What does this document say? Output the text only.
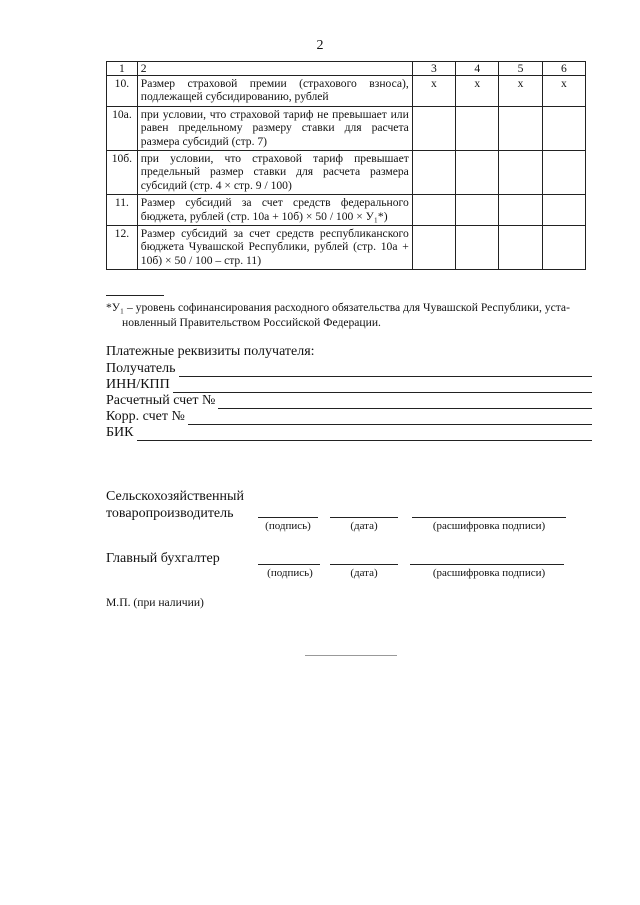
2
1	2	3	4	5	6
10.	Размер страховой премии (страхового взноса), подлежащей субсидированию, рублей	х	х	х	х
10а.	при условии, что страховой тариф не превышает или равен предельному размеру ставки для расчета размера субсидий (стр. 7)				
10б.	при условии, что страховой тариф превышает предельный размер ставки для расчета размера субсидий (стр. 4 × стр. 9 / 100)				
11.	Размер субсидий за счет средств федерального бюджета, рублей (стр. 10а + 10б) × 50 / 100 × У₁*)				
12.	Размер субсидий за счет средств республиканского бюджета Чувашской Республики, рублей (стр. 10а + 10б) × 50 / 100 – стр. 11)				
*У₁ – уровень софинансирования расходного обязательства для Чувашской Республики, уста-
новленный Правительством Российской Федерации.
Платежные реквизиты получателя:
Получатель
ИНН/КПП
Расчетный счет №
Корр. счет №
БИК
Сельскохозяйственный
товаропроизводитель
(подпись)	(дата)	(расшифровка подписи)
Главный бухгалтер
(подпись)	(дата)	(расшифровка подписи)
М.П. (при наличии)
